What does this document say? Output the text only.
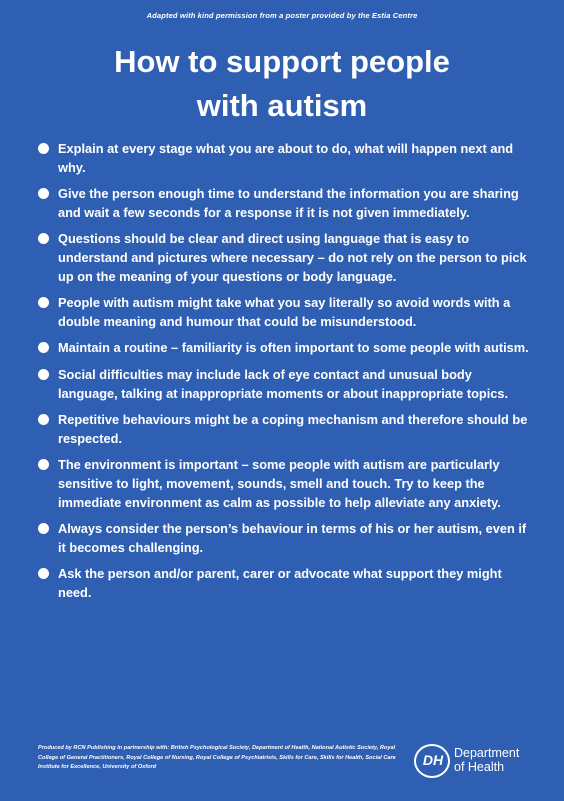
Adapted with kind permission from a poster provided by the Estia Centre
How to support people
with autism
Explain at every stage what you are about to do, what will happen next and why.
Give the person enough time to understand the information you are sharing and wait a few seconds for a response if it is not given immediately.
Questions should be clear and direct using language that is easy to understand and pictures where necessary – do not rely on the person to pick up on the meaning of your questions or body language.
People with autism might take what you say literally so avoid words with a double meaning and humour that could be misunderstood.
Maintain a routine – familiarity is often important to some people with autism.
Social difficulties may include lack of eye contact and unusual body language, talking at inappropriate moments or about inappropriate topics.
Repetitive behaviours might be a coping mechanism and therefore should be respected.
The environment is important – some people with autism are particularly sensitive to light, movement, sounds, smell and touch. Try to keep the immediate environment as calm as possible to help alleviate any anxiety.
Always consider the person’s behaviour in terms of his or her autism, even if it becomes challenging.
Ask the person and/or parent, carer or advocate what support they might need.
Produced by RCN Publishing in partnership with: British Psychological Society, Department of Health, National Autistic Society, Royal College of General Practitioners, Royal College of Nursing, Royal College of Psychiatrists, Skills for Care, Skills for Health, Social Care Institute for Excellence, University of Oxford	DH Department
of Health
